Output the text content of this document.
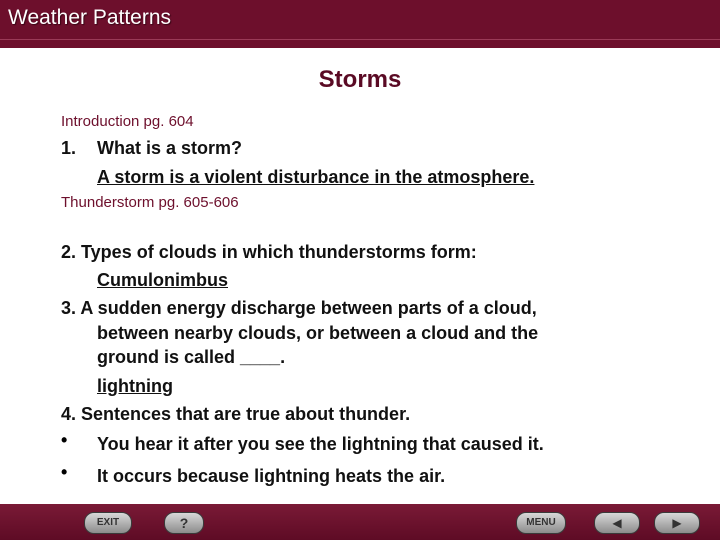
Weather Patterns
Storms
Introduction pg. 604
1. What is a storm?
A storm is a violent disturbance in the atmosphere.
Thunderstorm pg. 605-606
2. Types of clouds in which thunderstorms form:
Cumulonimbus
3. A sudden energy discharge between parts of a cloud,
between nearby clouds, or between a cloud and the
ground is called ____.
lightning
4. Sentences that are true about thunder.
• You hear it after you see the lightning that caused it.
• It occurs because lightning heats the air.
EXIT	?	MENU	◀	▶
